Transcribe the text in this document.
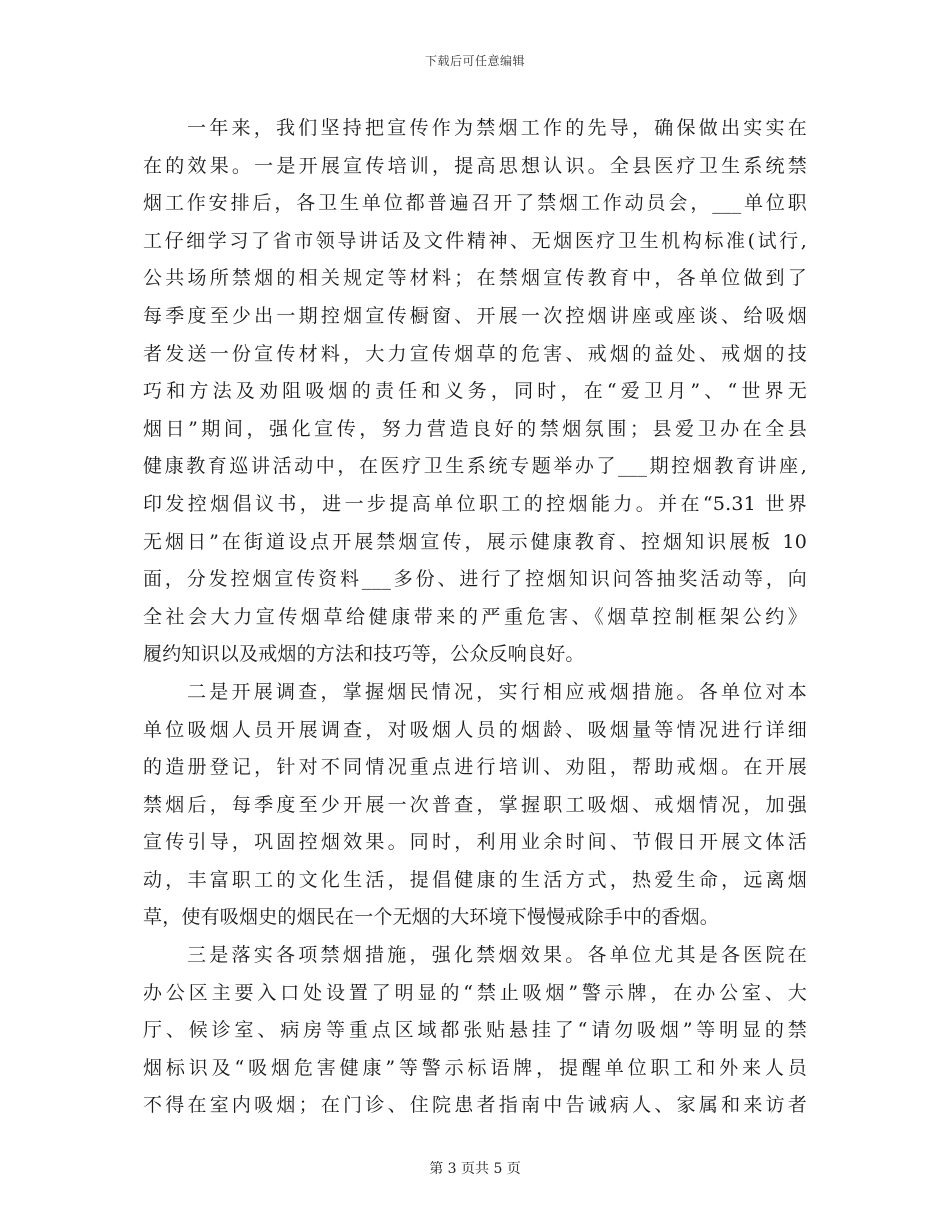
下载后可任意编辑
一年来，我们坚持把宣传作为禁烟工作的先导，确保做出实实在
在的效果。一是开展宣传培训，提高思想认识。全县医疗卫生系统禁
烟工作安排后，各卫生单位都普遍召开了禁烟工作动员会，___单位职
工仔细学习了省市领导讲话及文件精神、无烟医疗卫生机构标准(试行,
公共场所禁烟的相关规定等材料；在禁烟宣传教育中，各单位做到了
每季度至少出一期控烟宣传橱窗、开展一次控烟讲座或座谈、给吸烟
者发送一份宣传材料，大力宣传烟草的危害、戒烟的益处、戒烟的技
巧和方法及劝阻吸烟的责任和义务，同时，在“爱卫月”、“世界无
烟日”期间，强化宣传，努力营造良好的禁烟氛围；县爱卫办在全县
健康教育巡讲活动中，在医疗卫生系统专题举办了___期控烟教育讲座,
印发控烟倡议书，进一步提高单位职工的控烟能力。并在“5.31 世界
无烟日”在街道设点开展禁烟宣传，展示健康教育、控烟知识展板 10
面，分发控烟宣传资料___多份、进行了控烟知识问答抽奖活动等，向
全社会大力宣传烟草给健康带来的严重危害、《烟草控制框架公约》
履约知识以及戒烟的方法和技巧等，公众反响良好。
二是开展调查，掌握烟民情况，实行相应戒烟措施。各单位对本
单位吸烟人员开展调查，对吸烟人员的烟龄、吸烟量等情况进行详细
的造册登记，针对不同情况重点进行培训、劝阻，帮助戒烟。在开展
禁烟后，每季度至少开展一次普查，掌握职工吸烟、戒烟情况，加强
宣传引导，巩固控烟效果。同时，利用业余时间、节假日开展文体活
动，丰富职工的文化生活，提倡健康的生活方式，热爱生命，远离烟
草，使有吸烟史的烟民在一个无烟的大环境下慢慢戒除手中的香烟。
三是落实各项禁烟措施，强化禁烟效果。各单位尤其是各医院在
办公区主要入口处设置了明显的“禁止吸烟”警示牌，在办公室、大
厅、候诊室、病房等重点区域都张贴悬挂了“请勿吸烟”等明显的禁
烟标识及“吸烟危害健康”等警示标语牌，提醒单位职工和外来人员
不得在室内吸烟；在门诊、住院患者指南中告诫病人、家属和来访者
第 3 页共 5 页
